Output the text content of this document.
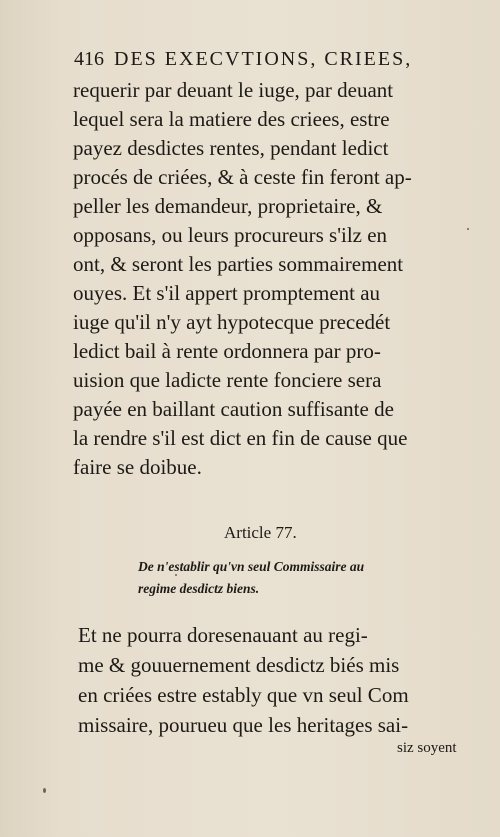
416 DES EXECVTIONS, CRIEES,
requerir par deuant le iuge, par deuant
lequel sera la matiere des criees, estre
payez desdictes rentes, pendant ledict
procés de criées, & à ceste fin feront ap-
peller les demandeur, proprietaire, &
opposans, ou leurs procureurs s'ilz en
ont, & seront les parties sommairement
ouyes. Et s'il appert promptement au
iuge qu'il n'y ayt hypotecque precedét
ledict bail à rente ordonnera par pro-
uision que ladicte rente fonciere sera
payée en baillant caution suffisante de
la rendre s'il est dict en fin de cause que
faire se doibue.
Article 77.
De n'establir qu'vn seul Commissaire au
regime desdictz biens.
Et ne pourra doresenauant au regi-
me & gouuernement desdictz biés mis
en criées estre estably que vn seul Com
missaire, pourueu que les heritages sai-
siz soyent
